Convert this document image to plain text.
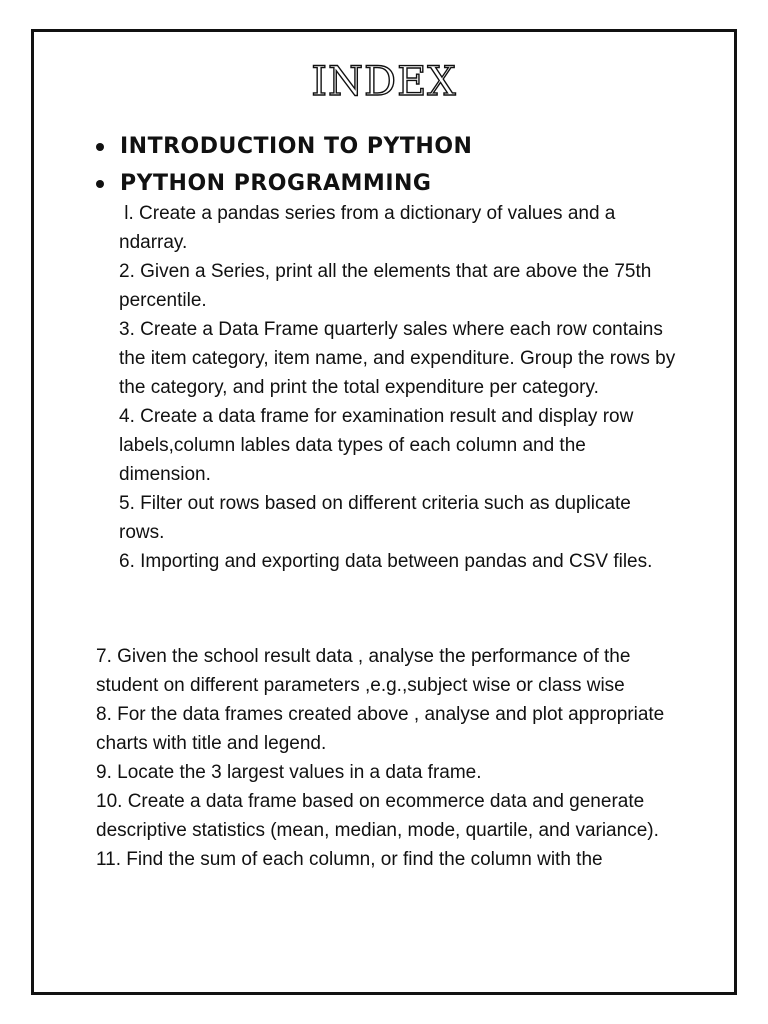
INDEX
INTRODUCTION TO PYTHON
PYTHON PROGRAMMING

l. Create a pandas series from a dictionary of values and a ndarray.

2. Given a Series, print all the elements that are above the 75th percentile.

3. Create a Data Frame quarterly sales where each row contains the item category, item name, and expenditure. Group the rows by the category, and print the total expenditure per category.

4. Create a data frame for examination result and display row labels,column lables data types of each column and the dimension.

5. Filter out rows based on different criteria such as duplicate rows.

6. Importing and exporting data between pandas and CSV files.

7. Given the school result data , analyse the performance of the student on different parameters ,e.g.,subject wise or class wise

8. For the data frames created above , analyse and plot appropriate charts with title and legend.

9. Locate the 3 largest values in a data frame.

10. Create a data frame based on ecommerce data and generate descriptive statistics (mean, median, mode, quartile, and variance).

11. Find the sum of each column, or find the column with the
